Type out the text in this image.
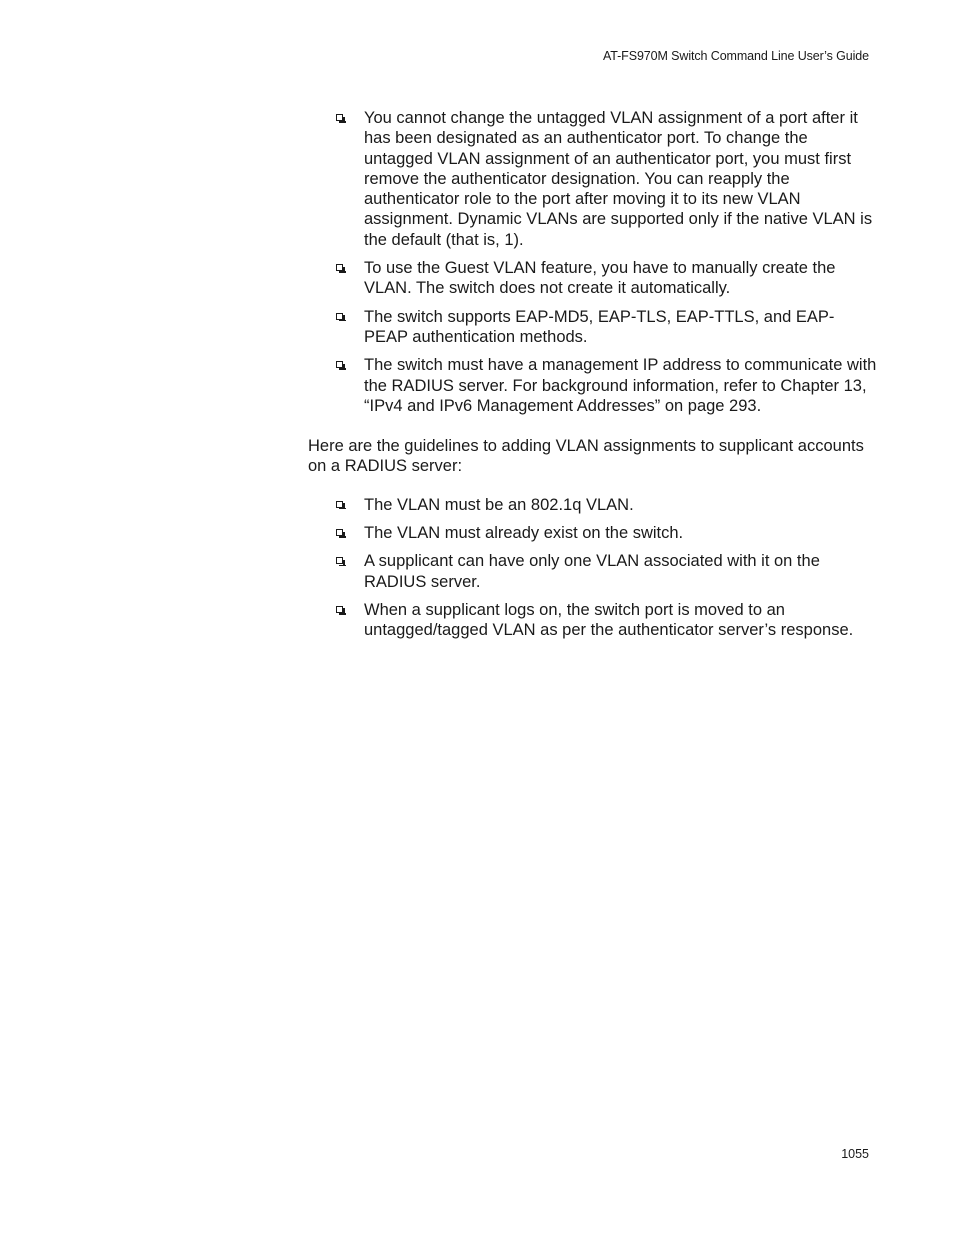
AT-FS970M Switch Command Line User’s Guide
You cannot change the untagged VLAN assignment of a port after it has been designated as an authenticator port. To change the untagged VLAN assignment of an authenticator port, you must first remove the authenticator designation. You can reapply the authenticator role to the port after moving it to its new VLAN assignment. Dynamic VLANs are supported only if the native VLAN is the default (that is, 1).
To use the Guest VLAN feature, you have to manually create the VLAN. The switch does not create it automatically.
The switch supports EAP-MD5, EAP-TLS, EAP-TTLS, and EAP-PEAP authentication methods.
The switch must have a management IP address to communicate with the RADIUS server. For background information, refer to Chapter 13, “IPv4 and IPv6 Management Addresses” on page 293.

Here are the guidelines to adding VLAN assignments to supplicant accounts on a RADIUS server:

The VLAN must be an 802.1q VLAN.
The VLAN must already exist on the switch.
A supplicant can have only one VLAN associated with it on the RADIUS server.
When a supplicant logs on, the switch port is moved to an untagged/tagged VLAN as per the authenticator server’s response.
1055
